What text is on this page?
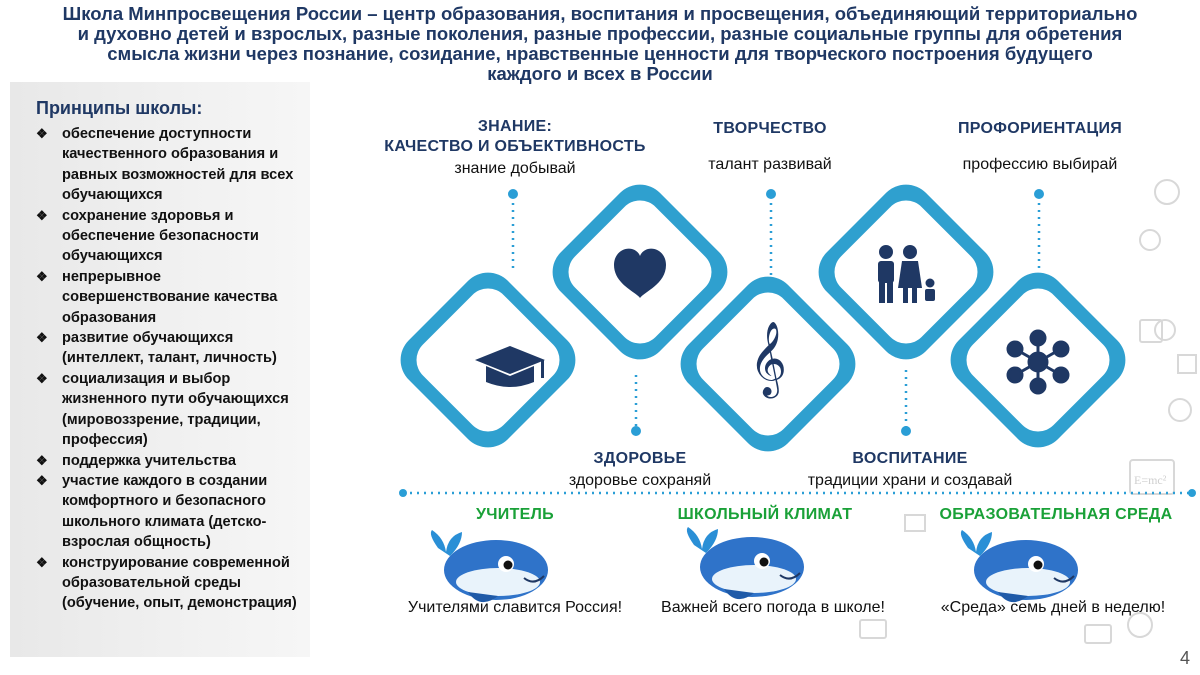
Школа Минпросвещения России – центр образования, воспитания и просвещения, объединяющий территориально
и духовно детей и взрослых, разные поколения, разные профессии, разные социальные группы для обретения
смысла жизни через познание, созидание, нравственные ценности для творческого построения будущего
каждого и всех в России
Принципы школы:
❖ обеспечение доступности качественного образования и равных возможностей для всех обучающихся
❖ сохранение здоровья и обеспечение безопасности обучающихся
❖ непрерывное совершенствование качества образования
❖ развитие обучающихся (интеллект, талант, личность)
❖ социализация и выбор жизненного пути обучающихся (мировоззрение, традиции, профессия)
❖ поддержка учительства
❖ участие каждого в создании комфортного и безопасного школьного климата (детско-взрослая общность)
❖ конструирование современной образовательной среды (обучение, опыт, демонстрация)
E=mc²
𝄞
ЗНАНИЕ:
КАЧЕСТВО И ОБЪЕКТИВНОСТЬ
знание добывай
ТВОРЧЕСТВО
талант развивай
ПРОФОРИЕНТАЦИЯ
профессию выбирай
ЗДОРОВЬЕ
здоровье сохраняй
ВОСПИТАНИЕ
традиции храни и создавай
УЧИТЕЛЬ	ШКОЛЬНЫЙ КЛИМАТ	ОБРАЗОВАТЕЛЬНАЯ СРЕДА
Учителями славится Россия!	Важней всего погода в школе!	«Среда» семь дней в неделю!
4
